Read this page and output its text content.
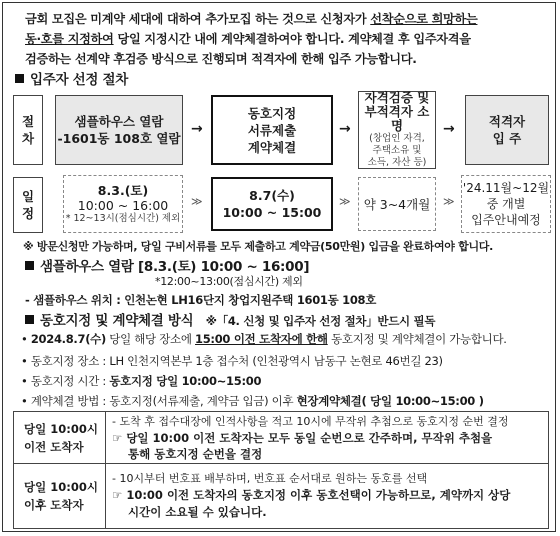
금회 모집은 미계약 세대에 대하여 추가모집 하는 것으로 신청자가 선착순으로 희망하는
동·호를 지정하여 당일 지정시간 내에 계약체결하여야 합니다. 계약체결 후 입주자격을
검증하는 선계약 후검증 방식으로 진행되며 적격자에 한해 입주 가능합니다.
입주자 선정 절차
절
차
샘플하우스 열람
-1601동 108호 열람
→
동호지정
서류제출
계약체결
→
자격검증 및
부적격자 소명
(창업인 자격,
주택소유 및
소득, 자산 등)
→	적격자
입 주
일
정
8.3.(토)
10:00 ~ 16:00
* 12~13시(점심시간) 제외
≫	8.7(수)
10:00 ~ 15:00
≫ 약 3~4개월 ≫
'24.11월~12월
중 개별
입주안내예정
※ 방문신청만 가능하며, 당일 구비서류를 모두 제출하고 계약금(50만원) 입금을 완료하여야 합니다.
샘플하우스 열람 [8.3.(토) 10:00 ~ 16:00]
*12:00~13:00(점심시간) 제외
- 샘플하우스 위치 : 인천논현 LH16단지 창업지원주택 1601동 108호
동호지정 및 계약체결 방식 ※「4. 신청 및 입주자 선정 절차」반드시 필독
• 2024.8.7(수) 당일 해당 장소에 15:00 이전 도착자에 한해 동호지정 및 계약체결이 가능합니다.
• 동호지정 장소 : LH 인천지역본부 1층 접수처 (인천광역시 남동구 논현로 46번길 23)
• 동호지정 시간 : 동호지정 당일 10:00~15:00
• 계약체결 방법 : 동호지정(서류제출, 계약금 입금) 이후 현장계약체결( 당일 10:00~15:00 )
당일 10:00시
이전 도착자
- 도착 후 접수대장에 인적사항을 적고 10시에 무작위 추첨으로 동호지정 순번 결정
☞ 당일 10:00 이전 도착자는 모두 동일 순번으로 간주하며, 무작위 추첨을
통해 동호지정 순번을 결정
당일 10:00시
이후 도착자
- 10시부터 번호표 배부하며, 번호표 순서대로 원하는 동호를 선택
☞ 10:00 이전 도착자의 동호지정 이후 동호선택이 가능하므로, 계약까지 상당
시간이 소요될 수 있습니다.
